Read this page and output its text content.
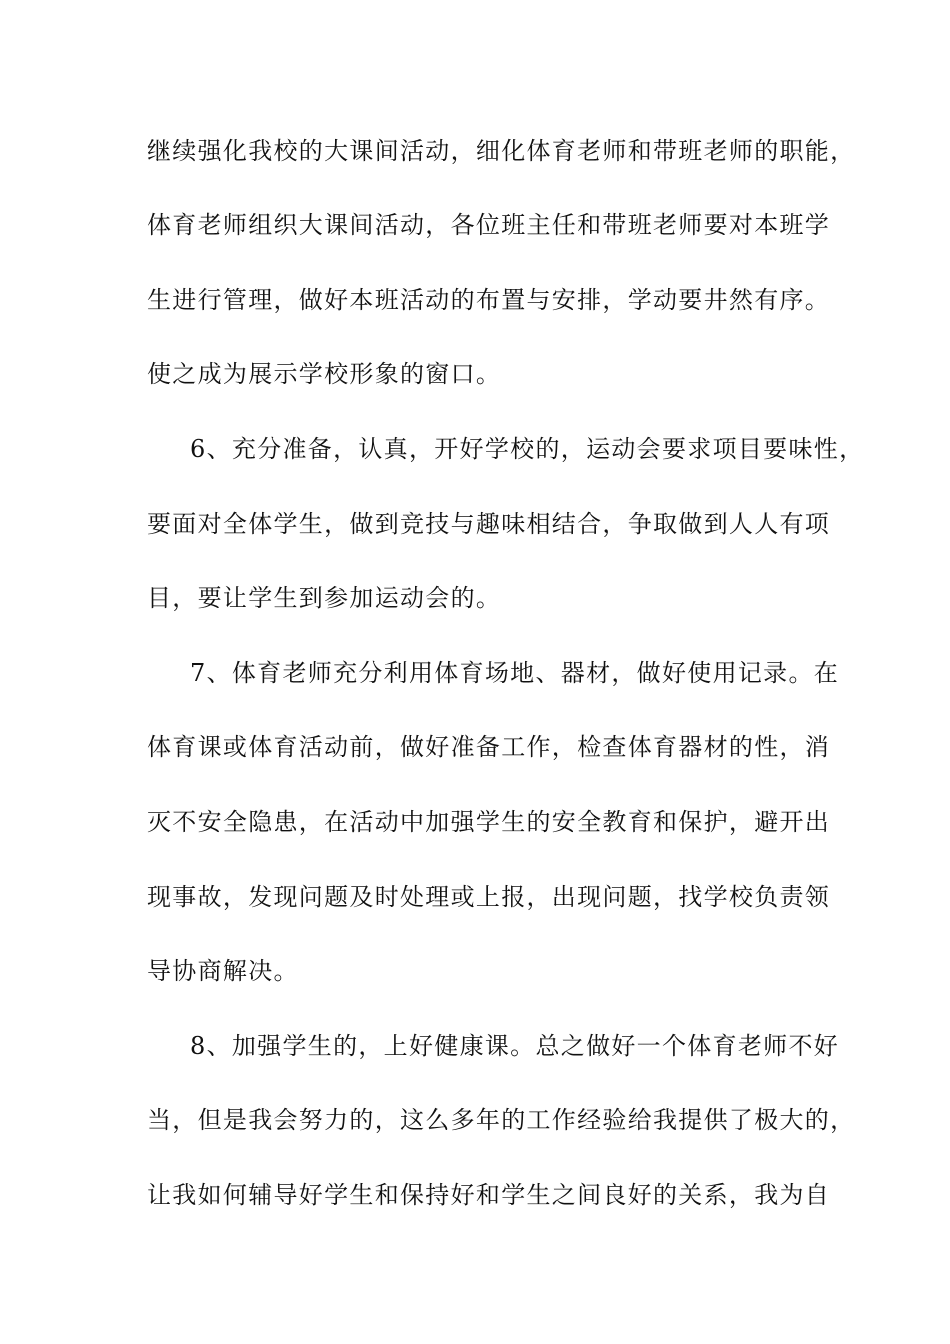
继续强化我校的大课间活动，细化体育老师和带班老师的职能，
体育老师组织大课间活动，各位班主任和带班老师要对本班学
生进行管理，做好本班活动的布置与安排，学动要井然有序。
使之成为展示学校形象的窗口。
6、充分准备，认真，开好学校的，运动会要求项目要味性，
要面对全体学生，做到竞技与趣味相结合，争取做到人人有项
目，要让学生到参加运动会的。
7、体育老师充分利用体育场地、器材，做好使用记录。在
体育课或体育活动前，做好准备工作，检查体育器材的性，消
灭不安全隐患，在活动中加强学生的安全教育和保护，避开出
现事故，发现问题及时处理或上报，出现问题，找学校负责领
导协商解决。
8、加强学生的，上好健康课。总之做好一个体育老师不好
当，但是我会努力的，这么多年的工作经验给我提供了极大的，
让我如何辅导好学生和保持好和学生之间良好的关系，我为自
